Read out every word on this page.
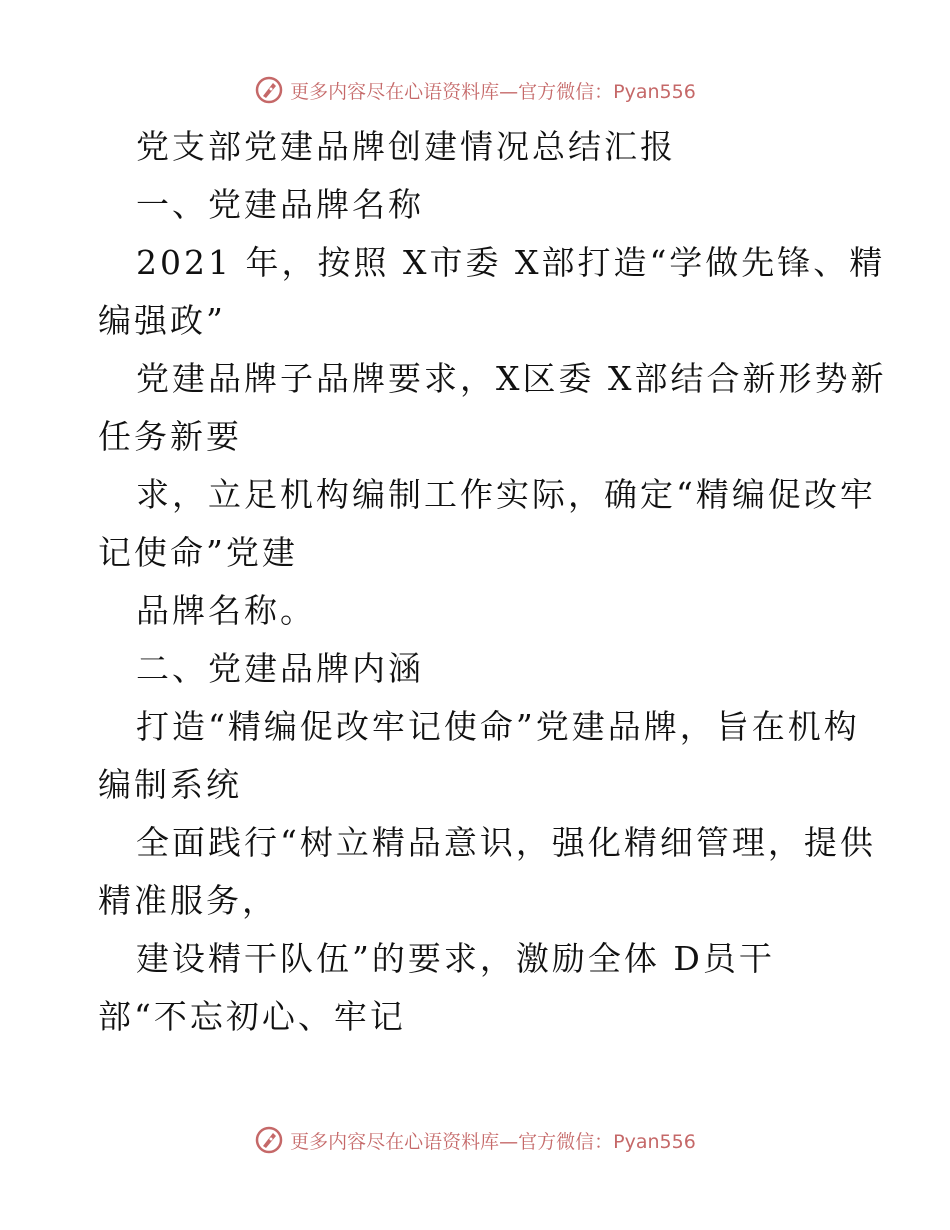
更多内容尽在心语资料库—官方微信：Pyan556
党支部党建品牌创建情况总结汇报
一、党建品牌名称
2021 年，按照 X市委 X部打造“学做先锋、精
编强政”
党建品牌子品牌要求，X区委 X部结合新形势新
任务新要
求，立足机构编制工作实际，确定“精编促改牢
记使命”党建
品牌名称。
二、党建品牌内涵
打造“精编促改牢记使命”党建品牌，旨在机构
编制系统
全面践行“树立精品意识，强化精细管理，提供
精准服务，
建设精干队伍”的要求，激励全体 D员干
部“不忘初心、牢记
更多内容尽在心语资料库—官方微信：Pyan556
